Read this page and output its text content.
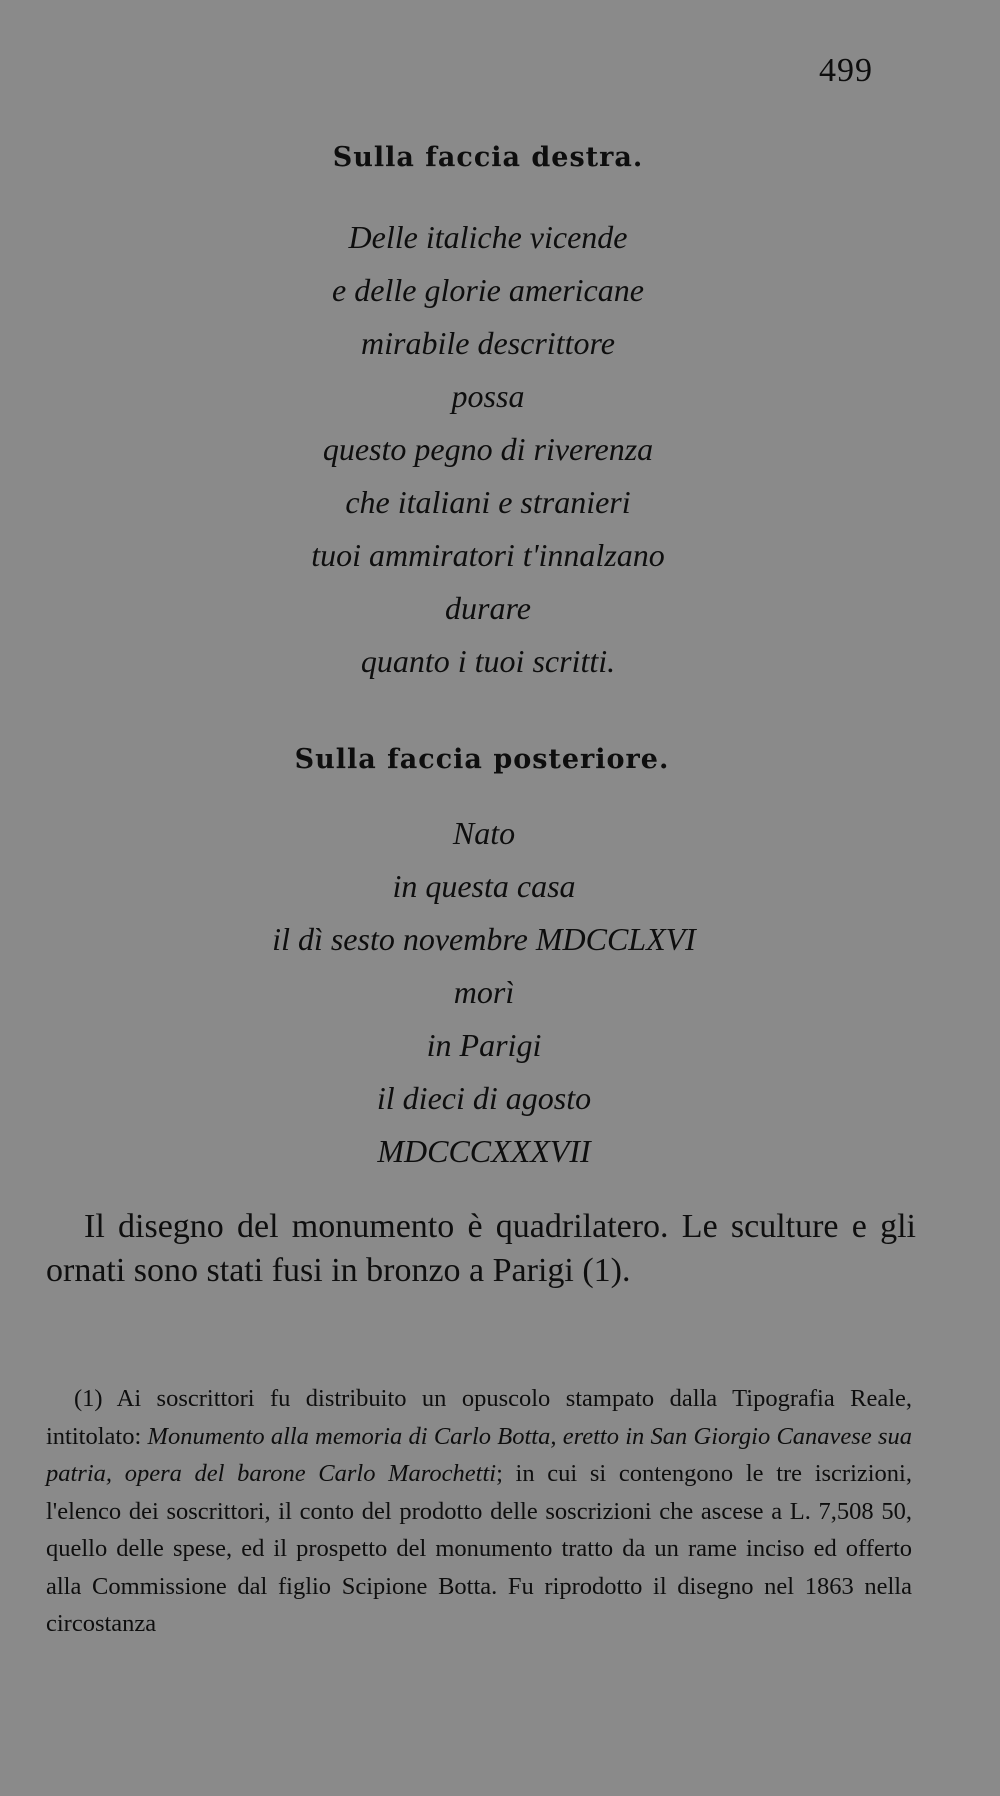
499
Sulla faccia destra.
Delle italiche vicende
e delle glorie americane
mirabile descrittore
possa
questo pegno di riverenza
che italiani e stranieri
tuoi ammiratori t'innalzano
durare
quanto i tuoi scritti.
Sulla faccia posteriore.
Nato
in questa casa
il dì sesto novembre MDCCLXVI
morì
in Parigi
il dieci di agosto
MDCCCXXXVII

Il disegno del monumento è quadrilatero. Le sculture e gli ornati sono stati fusi in bronzo a Parigi (1).

(1) Ai soscrittori fu distribuito un opuscolo stampato dalla Tipografia Reale, intitolato: Monumento alla memoria di Carlo Botta, eretto in San Giorgio Canavese sua patria, opera del barone Carlo Marochetti; in cui si contengono le tre iscrizioni, l'elenco dei soscrittori, il conto del prodotto delle soscrizioni che ascese a L. 7,508 50, quello delle spese, ed il prospetto del monumento tratto da un rame inciso ed offerto alla Commissione dal figlio Scipione Botta. Fu riprodotto il disegno nel 1863 nella circostanza
